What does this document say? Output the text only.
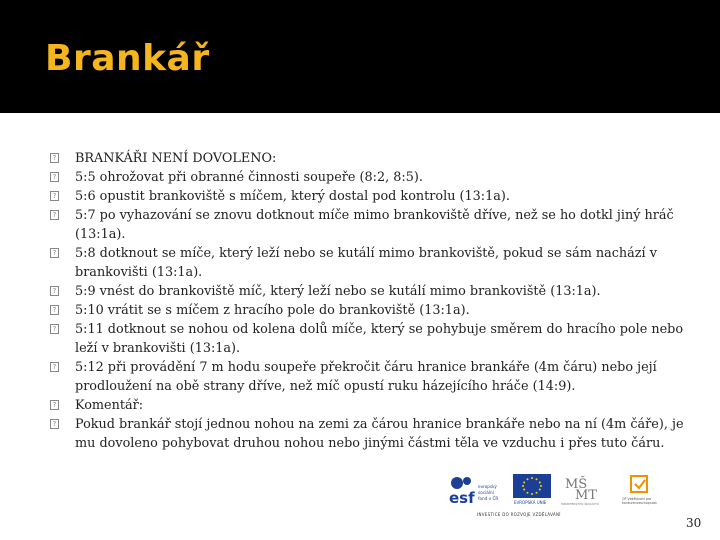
Brankář
? BRANKÁŘI NENÍ DOVOLENO:
? 5:5 ohrožovat při obranné činnosti soupeře (8:2, 8:5).
? 5:6 opustit brankoviště s míčem, který dostal pod kontrolu (13:1a).
? 5:7 po vyhazování se znovu dotknout míče mimo brankoviště dříve, než se ho dotkl jiný hráč (13:1a).
? 5:8 dotknout se míče, který leží nebo se kutálí mimo brankoviště, pokud se sám nachází v brankovišti (13:1a).
? 5:9 vnést do brankoviště míč, který leží nebo se kutálí mimo brankoviště (13:1a).
? 5:10 vrátit se s míčem z hracího pole do brankoviště (13:1a).
? 5:11 dotknout se nohou od kolena dolů míče, který se pohybuje směrem do hracího pole nebo leží v brankovišti (13:1a).
? 5:12 při provádění 7 m hodu soupeře překročit čáru hranice brankáře (4m čáru) nebo její prodloužení na obě strany dříve, než míč opustí ruku házejícího hráče (14:9).
? Komentář:
? Pokud brankář stojí jednou nohou na zemi za čárou hranice brankáře nebo na ní (4m čáře), je mu dovoleno pohybovat druhou nohou nebo jinými částmi těla ve vzduchu i přes tuto čáru.
esf
evropský
sociální
fond v ČR
EVROPSKÁ UNIE
MŠ
MT
MINISTERSTVO ŠKOLSTVÍ
OP Vzdělávání pro
konkurenceschopnost
INVESTICE DO ROZVOJE VZDĚLÁVÁNÍ
30
